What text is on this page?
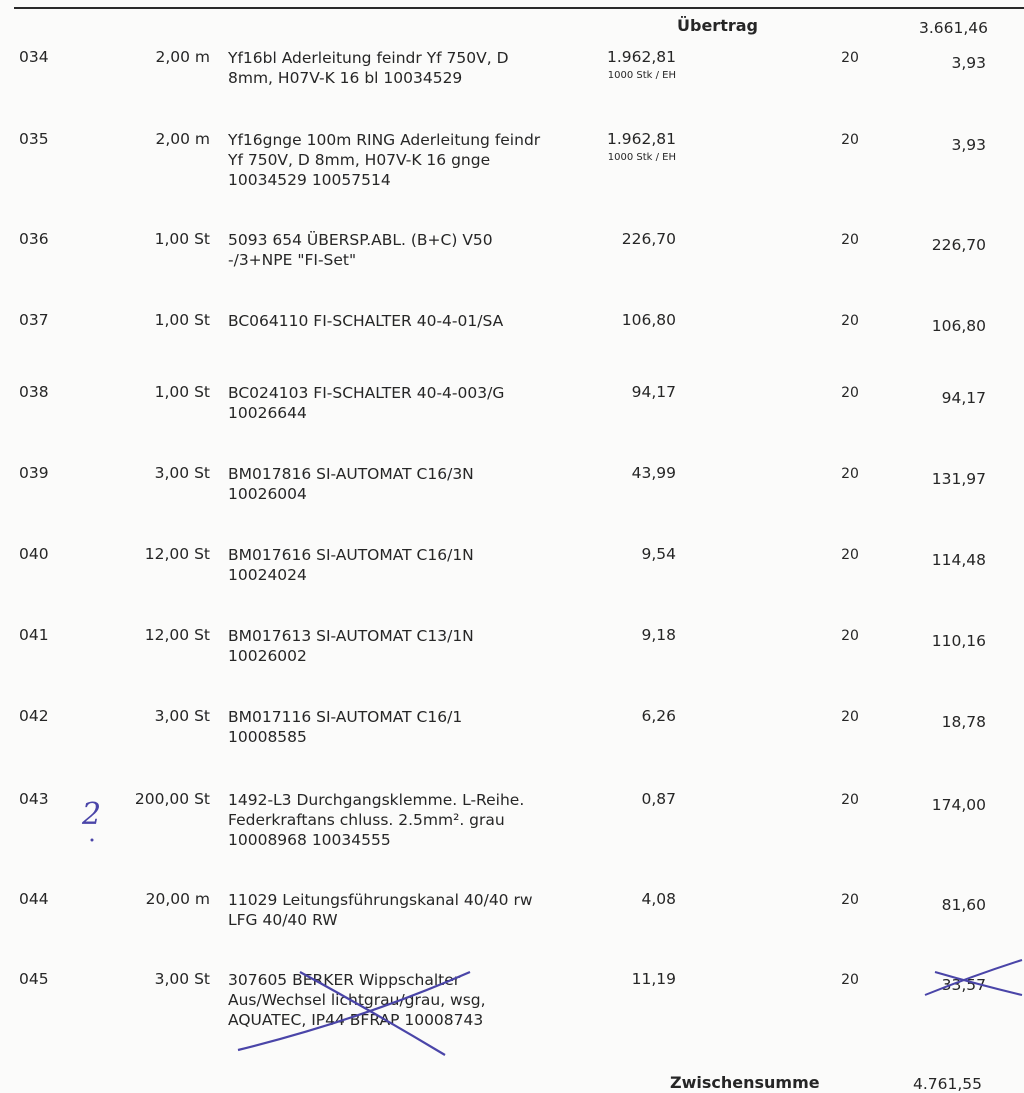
Übertrag	3.661,46
034	2,00 m Yf16bl Aderleitung feindr Yf 750V, D
8mm, H07V-K 16 bl 10034529
1.962,81
1000 Stk / EH
20	3,93
035	2,00 m Yf16gnge 100m RING Aderleitung feindr
Yf 750V, D 8mm, H07V-K 16 gnge
10034529 10057514
1.962,81
1000 Stk / EH
20	3,93
036	1,00 St 5093 654 ÜBERSP.ABL. (B+C) V50
-/3+NPE "FI-Set"
226,70	20	226,70
037	1,00 St BC064110 FI-SCHALTER 40-4-01/SA	106,80	20	106,80
038	1,00 St BC024103 FI-SCHALTER 40-4-003/G
10026644
94,17	20	94,17
039	3,00 St BM017816 SI-AUTOMAT C16/3N
10026004
43,99	20	131,97
040	12,00 St BM017616 SI-AUTOMAT C16/1N
10024024
9,54	20	114,48
041	12,00 St BM017613 SI-AUTOMAT C13/1N
10026002
9,18	20	110,16
042	3,00 St BM017116 SI-AUTOMAT C16/1
10008585
6,26	20	18,78
043	200,00 St 1492-L3 Durchgangsklemme. L-Reihe.
Federkraftans chluss. 2.5mm². grau
10008968 10034555
0,87	20	174,00
044	20,00 m 11029 Leitungsführungskanal 40/40 rw
LFG 40/40 RW
4,08	20	81,60
045	3,00 St 307605 BERKER Wippschalter
Aus/Wechsel lichtgrau/grau, wsg,
AQUATEC, IP44 BFRAP 10008743
11,19	20	33,57
Zwischensumme	4.761,55
2
